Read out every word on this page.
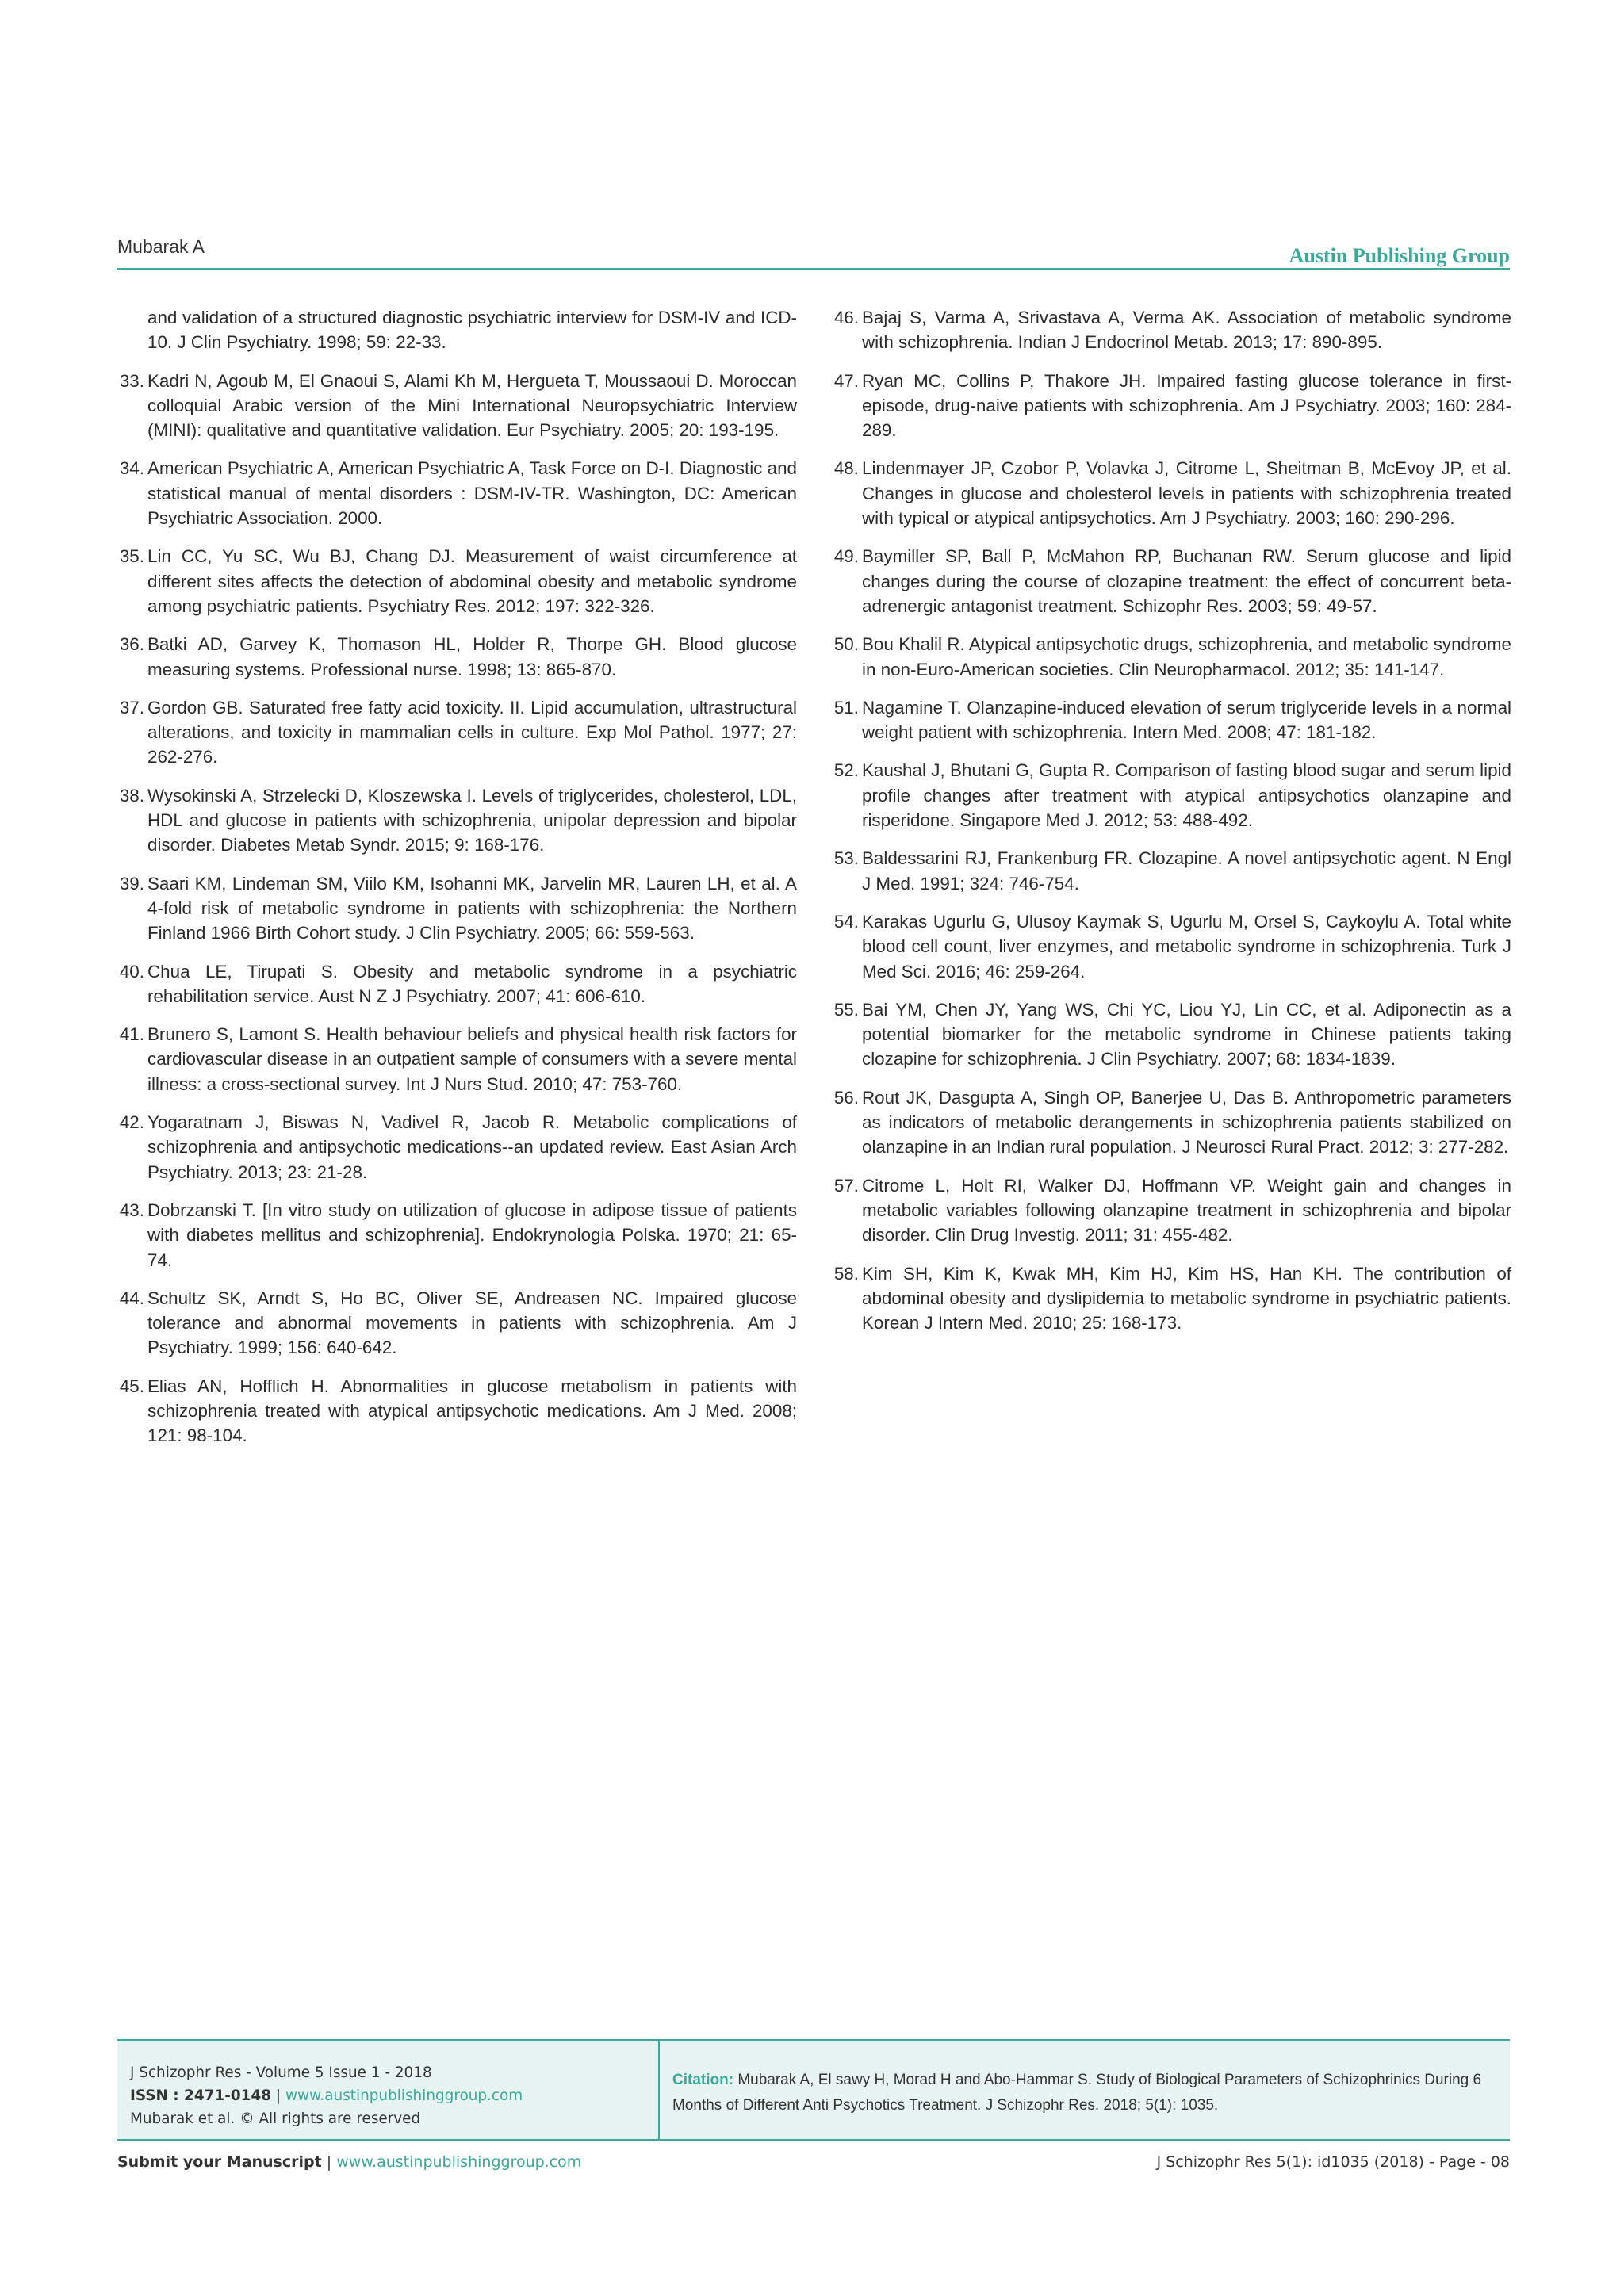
Mubarak A	Austin Publishing Group
and validation of a structured diagnostic psychiatric interview for DSM-IV and ICD-10. J Clin Psychiatry. 1998; 59: 22-33.
33. Kadri N, Agoub M, El Gnaoui S, Alami Kh M, Hergueta T, Moussaoui D. Moroccan colloquial Arabic version of the Mini International Neuropsychiatric Interview (MINI): qualitative and quantitative validation. Eur Psychiatry. 2005; 20: 193-195.
34. American Psychiatric A, American Psychiatric A, Task Force on D-I. Diagnostic and statistical manual of mental disorders : DSM-IV-TR. Washington, DC: American Psychiatric Association. 2000.
35. Lin CC, Yu SC, Wu BJ, Chang DJ. Measurement of waist circumference at different sites affects the detection of abdominal obesity and metabolic syndrome among psychiatric patients. Psychiatry Res. 2012; 197: 322-326.
36. Batki AD, Garvey K, Thomason HL, Holder R, Thorpe GH. Blood glucose measuring systems. Professional nurse. 1998; 13: 865-870.
37. Gordon GB. Saturated free fatty acid toxicity. II. Lipid accumulation, ultrastructural alterations, and toxicity in mammalian cells in culture. Exp Mol Pathol. 1977; 27: 262-276.
38. Wysokinski A, Strzelecki D, Kloszewska I. Levels of triglycerides, cholesterol, LDL, HDL and glucose in patients with schizophrenia, unipolar depression and bipolar disorder. Diabetes Metab Syndr. 2015; 9: 168-176.
39. Saari KM, Lindeman SM, Viilo KM, Isohanni MK, Jarvelin MR, Lauren LH, et al. A 4-fold risk of metabolic syndrome in patients with schizophrenia: the Northern Finland 1966 Birth Cohort study. J Clin Psychiatry. 2005; 66: 559-563.
40. Chua LE, Tirupati S. Obesity and metabolic syndrome in a psychiatric rehabilitation service. Aust N Z J Psychiatry. 2007; 41: 606-610.
41. Brunero S, Lamont S. Health behaviour beliefs and physical health risk factors for cardiovascular disease in an outpatient sample of consumers with a severe mental illness: a cross-sectional survey. Int J Nurs Stud. 2010; 47: 753-760.
42. Yogaratnam J, Biswas N, Vadivel R, Jacob R. Metabolic complications of schizophrenia and antipsychotic medications--an updated review. East Asian Arch Psychiatry. 2013; 23: 21-28.
43. Dobrzanski T. [In vitro study on utilization of glucose in adipose tissue of patients with diabetes mellitus and schizophrenia]. Endokrynologia Polska. 1970; 21: 65-74.
44. Schultz SK, Arndt S, Ho BC, Oliver SE, Andreasen NC. Impaired glucose tolerance and abnormal movements in patients with schizophrenia. Am J Psychiatry. 1999; 156: 640-642.
45. Elias AN, Hofflich H. Abnormalities in glucose metabolism in patients with schizophrenia treated with atypical antipsychotic medications. Am J Med. 2008; 121: 98-104.
46. Bajaj S, Varma A, Srivastava A, Verma AK. Association of metabolic syndrome with schizophrenia. Indian J Endocrinol Metab. 2013; 17: 890-895.
47. Ryan MC, Collins P, Thakore JH. Impaired fasting glucose tolerance in first-episode, drug-naive patients with schizophrenia. Am J Psychiatry. 2003; 160: 284-289.
48. Lindenmayer JP, Czobor P, Volavka J, Citrome L, Sheitman B, McEvoy JP, et al. Changes in glucose and cholesterol levels in patients with schizophrenia treated with typical or atypical antipsychotics. Am J Psychiatry. 2003; 160: 290-296.
49. Baymiller SP, Ball P, McMahon RP, Buchanan RW. Serum glucose and lipid changes during the course of clozapine treatment: the effect of concurrent beta-adrenergic antagonist treatment. Schizophr Res. 2003; 59: 49-57.
50. Bou Khalil R. Atypical antipsychotic drugs, schizophrenia, and metabolic syndrome in non-Euro-American societies. Clin Neuropharmacol. 2012; 35: 141-147.
51. Nagamine T. Olanzapine-induced elevation of serum triglyceride levels in a normal weight patient with schizophrenia. Intern Med. 2008; 47: 181-182.
52. Kaushal J, Bhutani G, Gupta R. Comparison of fasting blood sugar and serum lipid profile changes after treatment with atypical antipsychotics olanzapine and risperidone. Singapore Med J. 2012; 53: 488-492.
53. Baldessarini RJ, Frankenburg FR. Clozapine. A novel antipsychotic agent. N Engl J Med. 1991; 324: 746-754.
54. Karakas Ugurlu G, Ulusoy Kaymak S, Ugurlu M, Orsel S, Caykoylu A. Total white blood cell count, liver enzymes, and metabolic syndrome in schizophrenia. Turk J Med Sci. 2016; 46: 259-264.
55. Bai YM, Chen JY, Yang WS, Chi YC, Liou YJ, Lin CC, et al. Adiponectin as a potential biomarker for the metabolic syndrome in Chinese patients taking clozapine for schizophrenia. J Clin Psychiatry. 2007; 68: 1834-1839.
56. Rout JK, Dasgupta A, Singh OP, Banerjee U, Das B. Anthropometric parameters as indicators of metabolic derangements in schizophrenia patients stabilized on olanzapine in an Indian rural population. J Neurosci Rural Pract. 2012; 3: 277-282.
57. Citrome L, Holt RI, Walker DJ, Hoffmann VP. Weight gain and changes in metabolic variables following olanzapine treatment in schizophrenia and bipolar disorder. Clin Drug Investig. 2011; 31: 455-482.
58. Kim SH, Kim K, Kwak MH, Kim HJ, Kim HS, Han KH. The contribution of abdominal obesity and dyslipidemia to metabolic syndrome in psychiatric patients. Korean J Intern Med. 2010; 25: 168-173.
J Schizophr Res - Volume 5 Issue 1 - 2018
ISSN : 2471-0148 | www.austinpublishinggroup.com
Mubarak et al. © All rights are reserved
Citation: Mubarak A, El sawy H, Morad H and Abo-Hammar S. Study of Biological Parameters of Schizophrinics During 6 Months of Different Anti Psychotics Treatment. J Schizophr Res. 2018; 5(1): 1035.
Submit your Manuscript | www.austinpublishinggroup.com	J Schizophr Res 5(1): id1035 (2018) - Page - 08
